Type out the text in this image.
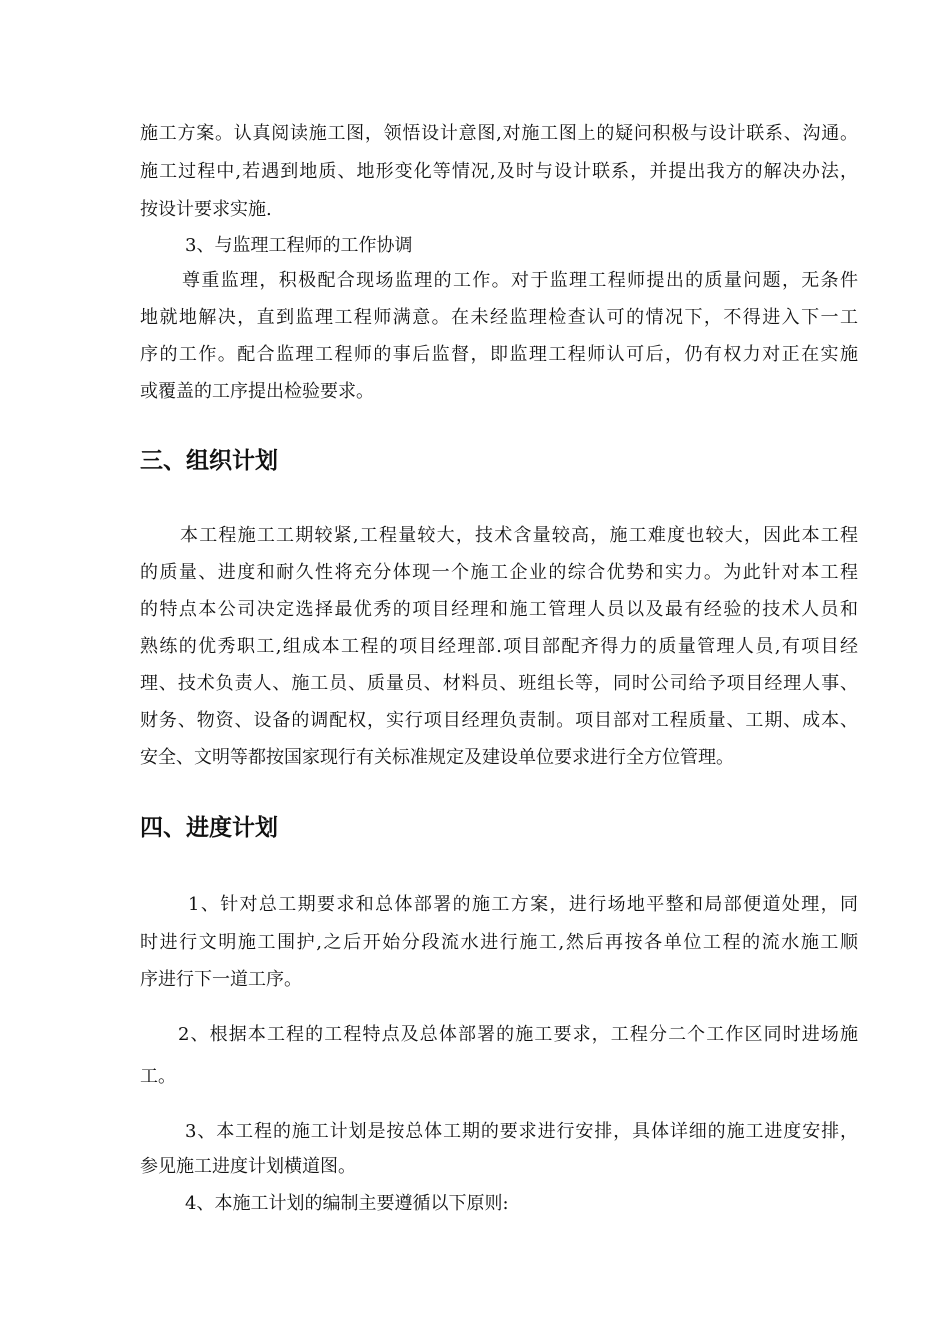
施工方案。认真阅读施工图，领悟设计意图,对施工图上的疑问积极与设计联系、沟通。
施工过程中,若遇到地质、地形变化等情况,及时与设计联系，并提出我方的解决办法，
按设计要求实施.
3、与监理工程师的工作协调
尊重监理，积极配合现场监理的工作。对于监理工程师提出的质量问题，无条件
地就地解决，直到监理工程师满意。在未经监理检查认可的情况下，不得进入下一工
序的工作。配合监理工程师的事后监督，即监理工程师认可后，仍有权力对正在实施
或覆盖的工序提出检验要求。
三、组织计划
本工程施工工期较紧,工程量较大，技术含量较高，施工难度也较大，因此本工程
的质量、进度和耐久性将充分体现一个施工企业的综合优势和实力。为此针对本工程
的特点本公司决定选择最优秀的项目经理和施工管理人员以及最有经验的技术人员和
熟练的优秀职工,组成本工程的项目经理部.项目部配齐得力的质量管理人员,有项目经
理、技术负责人、施工员、质量员、材料员、班组长等，同时公司给予项目经理人事、
财务、物资、设备的调配权，实行项目经理负责制。项目部对工程质量、工期、成本、
安全、文明等都按国家现行有关标准规定及建设单位要求进行全方位管理。
四、进度计划
1、针对总工期要求和总体部署的施工方案，进行场地平整和局部便道处理，同
时进行文明施工围护,之后开始分段流水进行施工,然后再按各单位工程的流水施工顺
序进行下一道工序。
2、根据本工程的工程特点及总体部署的施工要求，工程分二个工作区同时进场施
工。
3、本工程的施工计划是按总体工期的要求进行安排，具体详细的施工进度安排，
参见施工进度计划横道图。
4、本施工计划的编制主要遵循以下原则:
